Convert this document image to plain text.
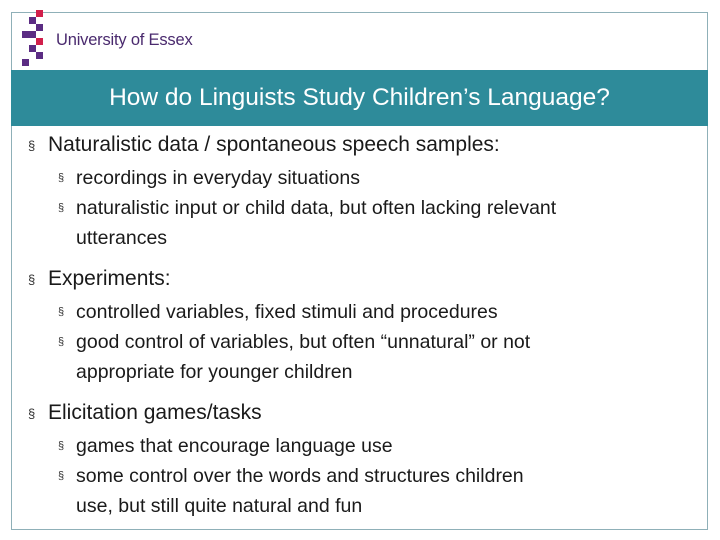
University of Essex
How do Linguists Study Children’s Language?
§ Naturalistic data / spontaneous speech samples:
§ recordings in everyday situations
§ naturalistic input or child data, but often lacking relevant
utterances
§ Experiments:
§ controlled variables, fixed stimuli and procedures
§ good control of variables, but often “unnatural” or not
appropriate for younger children
§ Elicitation games/tasks
§ games that encourage language use
§ some control over the words and structures children
use, but still quite natural and fun
